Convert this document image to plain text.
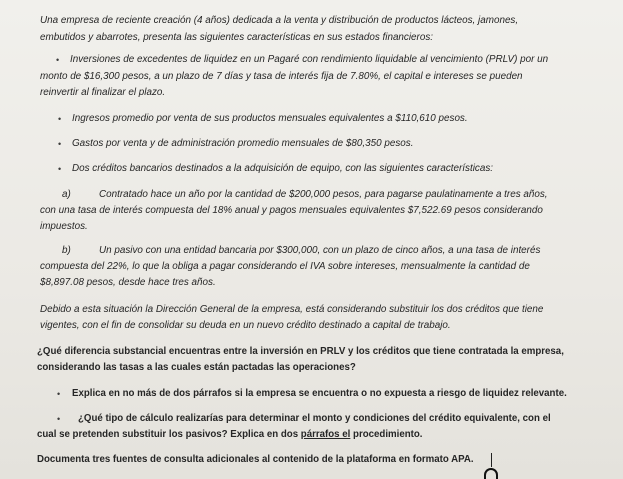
Una empresa de reciente creación (4 años) dedicada a la venta y distribución de productos lácteos, jamones,
embutidos y abarrotes, presenta las siguientes características en sus estados financieros:
• Inversiones de excedentes de liquidez en un Pagaré con rendimiento liquidable al vencimiento (PRLV) por un
monto de $16,300 pesos, a un plazo de 7 días y tasa de interés fija de 7.80%, el capital e intereses se pueden
reinvertir al finalizar el plazo.
• Ingresos promedio por venta de sus productos mensuales equivalentes a $110,610 pesos.
• Gastos por venta y de administración promedio mensuales de $80,350 pesos.
• Dos créditos bancarios destinados a la adquisición de equipo, con las siguientes características:
a)	Contratado hace un año por la cantidad de $200,000 pesos, para pagarse paulatinamente a tres años,
con una tasa de interés compuesta del 18% anual y pagos mensuales equivalentes $7,522.69 pesos considerando
impuestos.
b)	Un pasivo con una entidad bancaria por $300,000, con un plazo de cinco años, a una tasa de interés
compuesta del 22%, lo que la obliga a pagar considerando el IVA sobre intereses, mensualmente la cantidad de
$8,897.08 pesos, desde hace tres años.
Debido a esta situación la Dirección General de la empresa, está considerando substituir los dos créditos que tiene
vigentes, con el fin de consolidar su deuda en un nuevo crédito destinado a capital de trabajo.
¿Qué diferencia substancial encuentras entre la inversión en PRLV y los créditos que tiene contratada la empresa,
considerando las tasas a las cuales están pactadas las operaciones?
• Explica en no más de dos párrafos si la empresa se encuentra o no expuesta a riesgo de liquidez relevante.
•	¿Qué tipo de cálculo realizarías para determinar el monto y condiciones del crédito equivalente, con el
cual se pretenden substituir los pasivos? Explica en dos párrafos el procedimiento.
Documenta tres fuentes de consulta adicionales al contenido de la plataforma en formato APA.
